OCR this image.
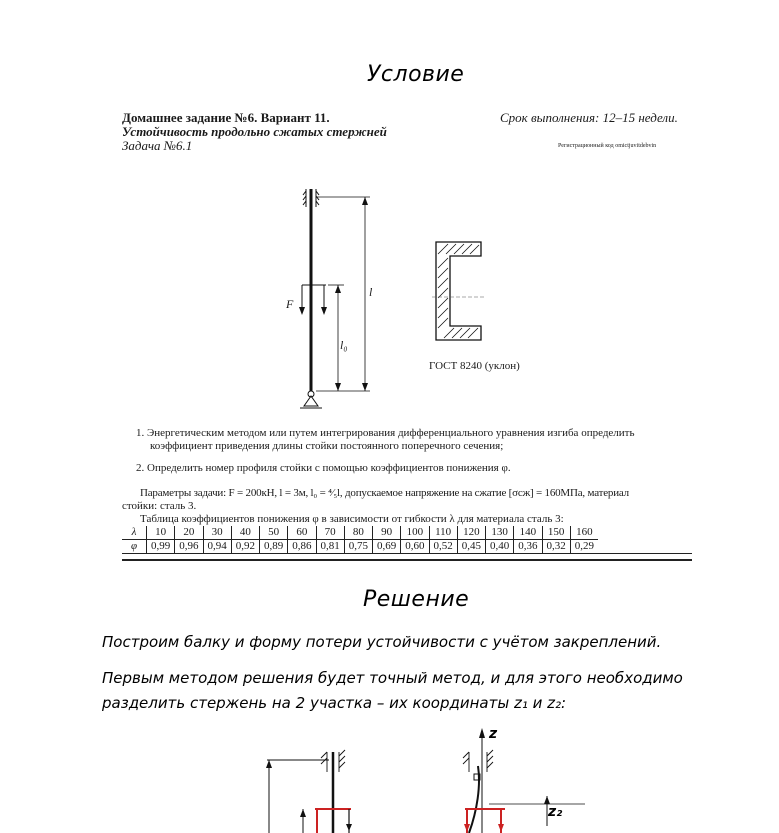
Условие
Домашнее задание №6. Вариант 11.
Устойчивость продольно сжатых стержней
Задача №6.1
Срок выполнения: 12–15 недели.
Регистрационный код omictjuvitdebvin
F
l
l₀
ГОСТ 8240 (уклон)
1. Энергетическим методом или путем интегрирования дифференциального уравнения изгиба определить
коэффициент приведения длины стойки постоянного поперечного сечения;
2. Определить номер профиля стойки с помощью коэффициентов понижения φ.
Параметры задачи: F = 200кН, l = 3м, l₀ = ⁴⁄₅l, допускаемое напряжение на сжатие [σсж] = 160МПа, материал
стойки: сталь 3.
Таблица коэффициентов понижения φ в зависимости от гибкости λ для материала сталь 3:
λ	10	20	30	40	50	60	70	80	90	100	110	120	130	140	150	160
φ	0,99	0,96	0,94	0,92	0,89	0,86	0,81	0,75	0,69	0,60	0,52	0,45	0,40	0,36	0,32	0,29
Решение
Построим балку и форму потери устойчивости с учётом закреплений.
Первым методом решения будет точный метод, и для этого необходимо
разделить стержень на 2 участка – их координаты z₁ и z₂:
z
z₂
